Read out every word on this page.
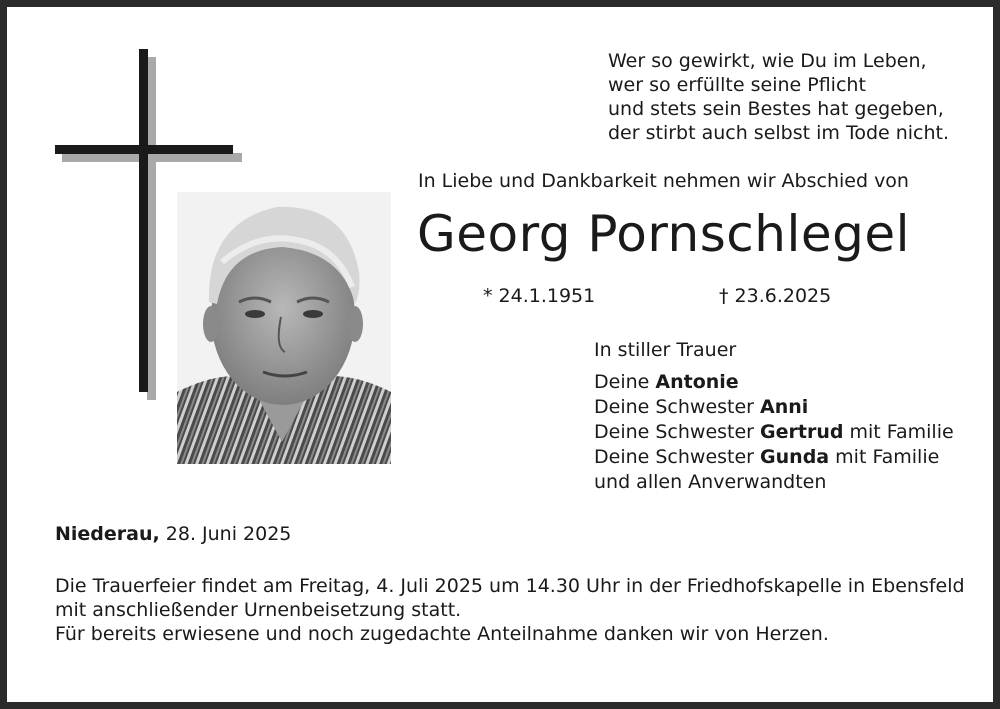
Wer so gewirkt, wie Du im Leben,
wer so erfüllte seine Pflicht
und stets sein Bestes hat gegeben,
der stirbt auch selbst im Tode nicht.
In Liebe und Dankbarkeit nehmen wir Abschied von
Georg Pornschlegel
* 24.1.1951	† 23.6.2025
In stiller Trauer
Deine Antonie
Deine Schwester Anni
Deine Schwester Gertrud mit Familie
Deine Schwester Gunda mit Familie
und allen Anverwandten
Niederau, 28. Juni 2025
Die Trauerfeier findet am Freitag, 4. Juli 2025 um 14.30 Uhr in der Friedhofskapelle in Ebensfeld
mit anschließender Urnenbeisetzung statt.
Für bereits erwiesene und noch zugedachte Anteilnahme danken wir von Herzen.
